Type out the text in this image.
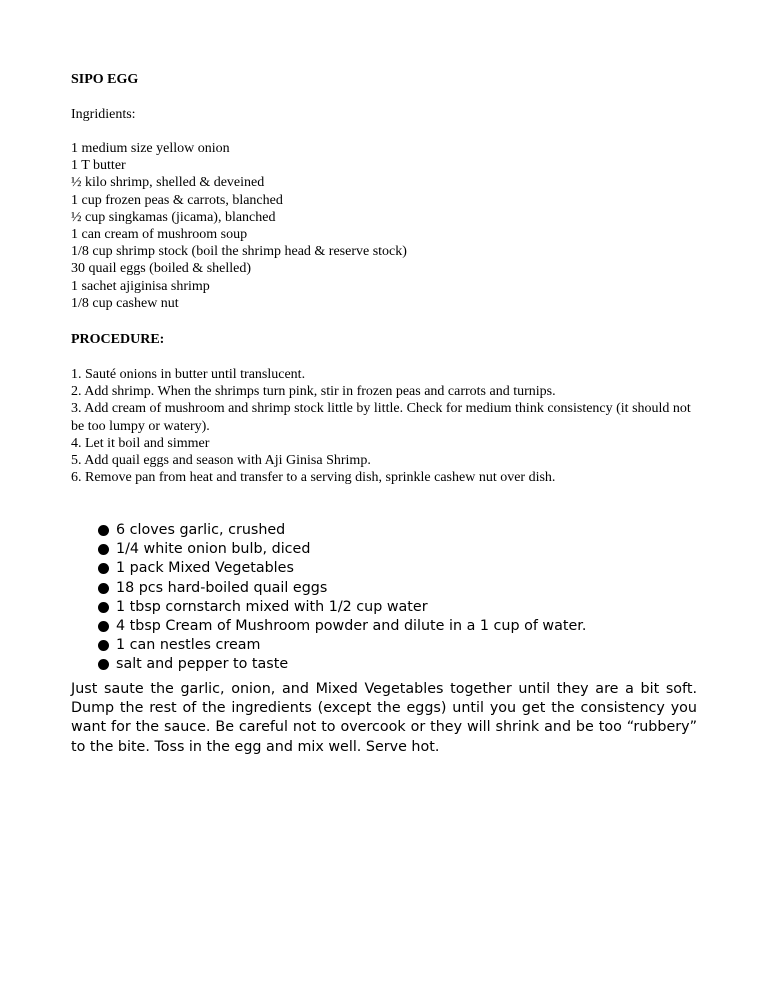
SIPO EGG
Ingridients:
1 medium size yellow onion
1 T butter
½ kilo shrimp, shelled & deveined
1 cup frozen peas & carrots, blanched
½ cup singkamas (jicama), blanched
1 can cream of mushroom soup
1/8 cup shrimp stock (boil the shrimp head & reserve stock)
30 quail eggs (boiled & shelled)
1 sachet ajiginisa shrimp
1/8 cup cashew nut
PROCEDURE:
1. Sauté onions in butter until translucent.
2. Add shrimp. When the shrimps turn pink, stir in frozen peas and carrots and turnips.
3. Add cream of mushroom and shrimp stock little by little. Check for medium think consistency (it should not be too lumpy or watery).
4. Let it boil and simmer
5. Add quail eggs and season with Aji Ginisa Shrimp.
6. Remove pan from heat and transfer to a serving dish, sprinkle cashew nut over dish.
6 cloves garlic, crushed
1/4 white onion bulb, diced
1 pack Mixed Vegetables
18 pcs hard-boiled quail eggs
1 tbsp cornstarch mixed with 1/2 cup water
4 tbsp Cream of Mushroom powder and dilute in a 1 cup of water.
1 can nestles cream
salt and pepper to taste

Just saute the garlic, onion, and Mixed Vegetables together until they are a bit soft. Dump the rest of the ingredients (except the eggs) until you get the consistency you want for the sauce. Be careful not to overcook or they will shrink and be too “rubbery” to the bite. Toss in the egg and mix well. Serve hot.
